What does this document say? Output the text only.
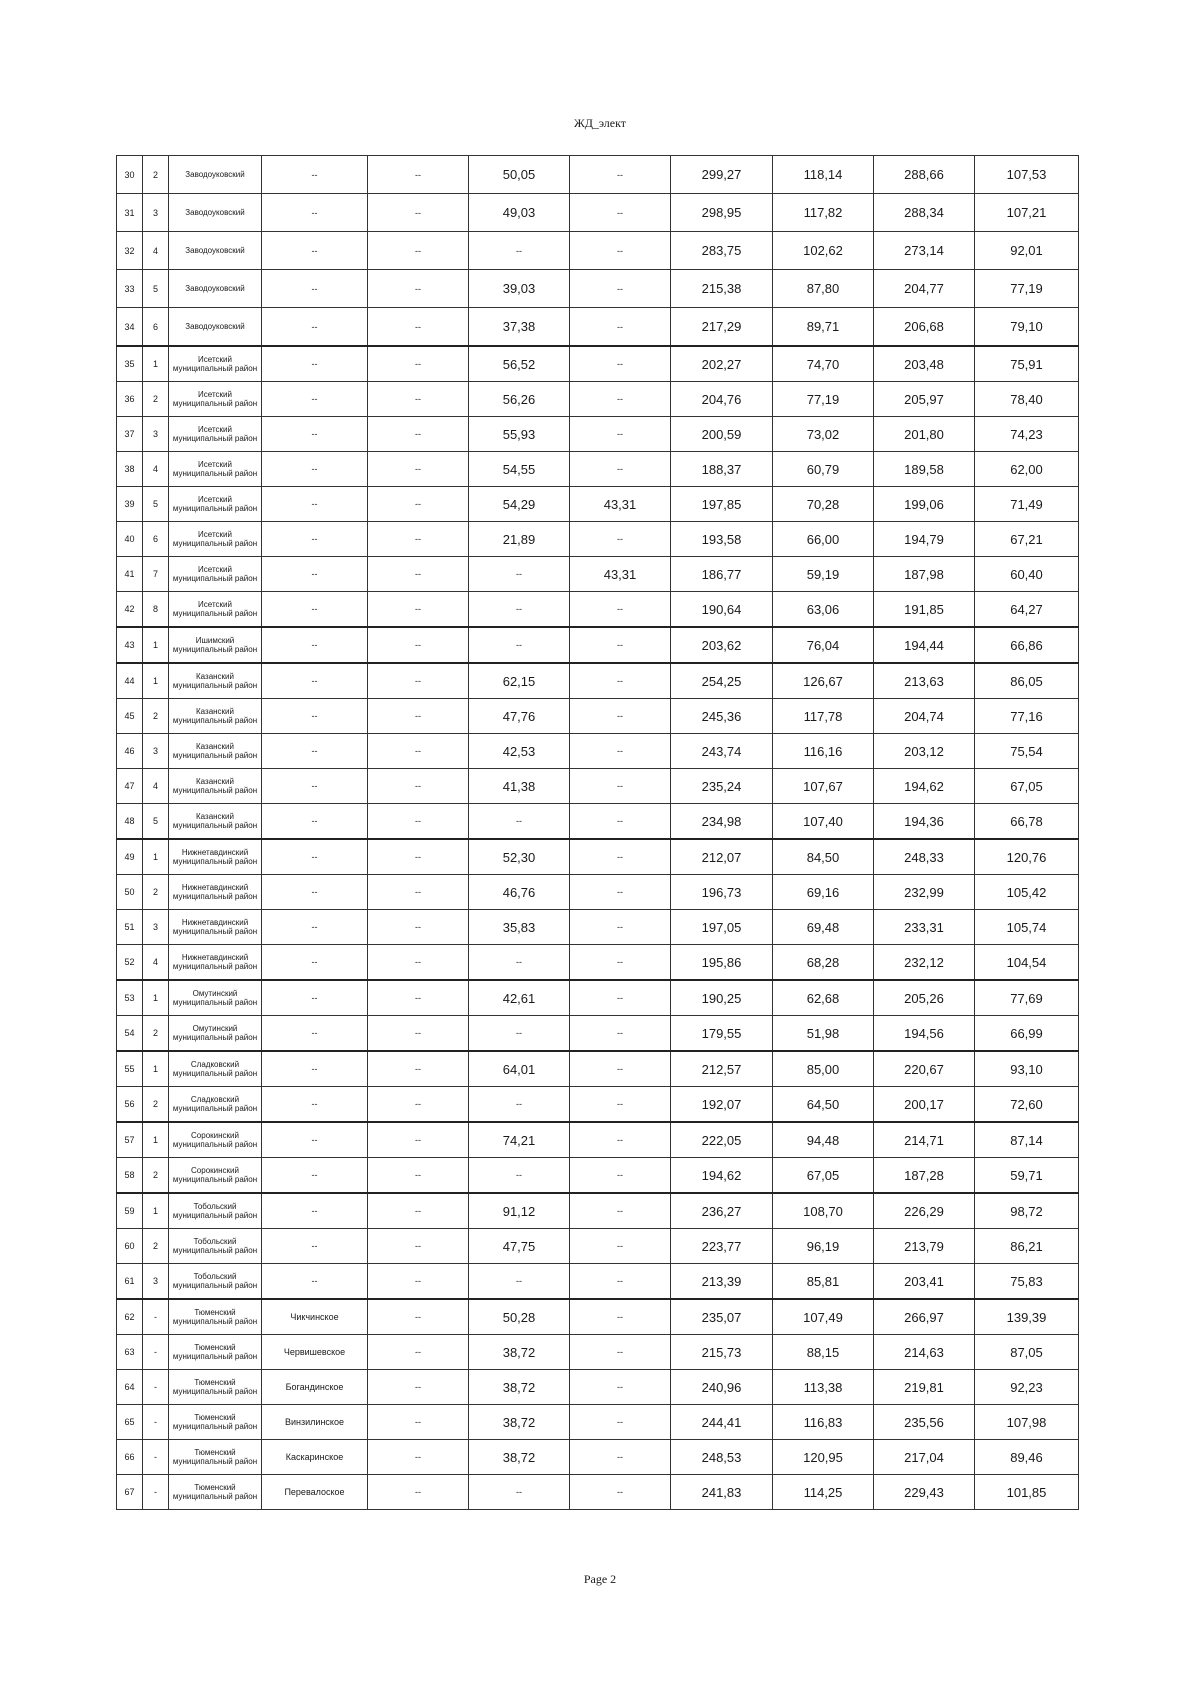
ЖД_элект
30	2	Заводоуковский	--	--	50,05	--	299,27	118,14	288,66	107,53
31	3	Заводоуковский	--	--	49,03	--	298,95	117,82	288,34	107,21
32	4	Заводоуковский	--	--	--	--	283,75	102,62	273,14	92,01
33	5	Заводоуковский	--	--	39,03	--	215,38	87,80	204,77	77,19
34	6	Заводоуковский	--	--	37,38	--	217,29	89,71	206,68	79,10
35	1	Исетский муниципальный район	--	--	56,52	--	202,27	74,70	203,48	75,91
36	2	Исетский муниципальный район	--	--	56,26	--	204,76	77,19	205,97	78,40
37	3	Исетский муниципальный район	--	--	55,93	--	200,59	73,02	201,80	74,23
38	4	Исетский муниципальный район	--	--	54,55	--	188,37	60,79	189,58	62,00
39	5	Исетский муниципальный район	--	--	54,29	43,31	197,85	70,28	199,06	71,49
40	6	Исетский муниципальный район	--	--	21,89	--	193,58	66,00	194,79	67,21
41	7	Исетский муниципальный район	--	--	--	43,31	186,77	59,19	187,98	60,40
42	8	Исетский муниципальный район	--	--	--	--	190,64	63,06	191,85	64,27
43	1	Ишимский муниципальный район	--	--	--	--	203,62	76,04	194,44	66,86
44	1	Казанский муниципальный район	--	--	62,15	--	254,25	126,67	213,63	86,05
45	2	Казанский муниципальный район	--	--	47,76	--	245,36	117,78	204,74	77,16
46	3	Казанский муниципальный район	--	--	42,53	--	243,74	116,16	203,12	75,54
47	4	Казанский муниципальный район	--	--	41,38	--	235,24	107,67	194,62	67,05
48	5	Казанский муниципальный район	--	--	--	--	234,98	107,40	194,36	66,78
49	1	Нижнетавдинский муниципальный район	--	--	52,30	--	212,07	84,50	248,33	120,76
50	2	Нижнетавдинский муниципальный район	--	--	46,76	--	196,73	69,16	232,99	105,42
51	3	Нижнетавдинский муниципальный район	--	--	35,83	--	197,05	69,48	233,31	105,74
52	4	Нижнетавдинский муниципальный район	--	--	--	--	195,86	68,28	232,12	104,54
53	1	Омутинский муниципальный район	--	--	42,61	--	190,25	62,68	205,26	77,69
54	2	Омутинский муниципальный район	--	--	--	--	179,55	51,98	194,56	66,99
55	1	Сладковский муниципальный район	--	--	64,01	--	212,57	85,00	220,67	93,10
56	2	Сладковский муниципальный район	--	--	--	--	192,07	64,50	200,17	72,60
57	1	Сорокинский муниципальный район	--	--	74,21	--	222,05	94,48	214,71	87,14
58	2	Сорокинский муниципальный район	--	--	--	--	194,62	67,05	187,28	59,71
59	1	Тобольский муниципальный район	--	--	91,12	--	236,27	108,70	226,29	98,72
60	2	Тобольский муниципальный район	--	--	47,75	--	223,77	96,19	213,79	86,21
61	3	Тобольский муниципальный район	--	--	--	--	213,39	85,81	203,41	75,83
62	-	Тюменский муниципальный район	Чикчинское	--	50,28	--	235,07	107,49	266,97	139,39
63	-	Тюменский муниципальный район	Червишевское	--	38,72	--	215,73	88,15	214,63	87,05
64	-	Тюменский муниципальный район	Богандинское	--	38,72	--	240,96	113,38	219,81	92,23
65	-	Тюменский муниципальный район	Винзилинское	--	38,72	--	244,41	116,83	235,56	107,98
66	-	Тюменский муниципальный район	Каскаринское	--	38,72	--	248,53	120,95	217,04	89,46
67	-	Тюменский муниципальный район	Перевалоское	--	--	--	241,83	114,25	229,43	101,85
Page 2
